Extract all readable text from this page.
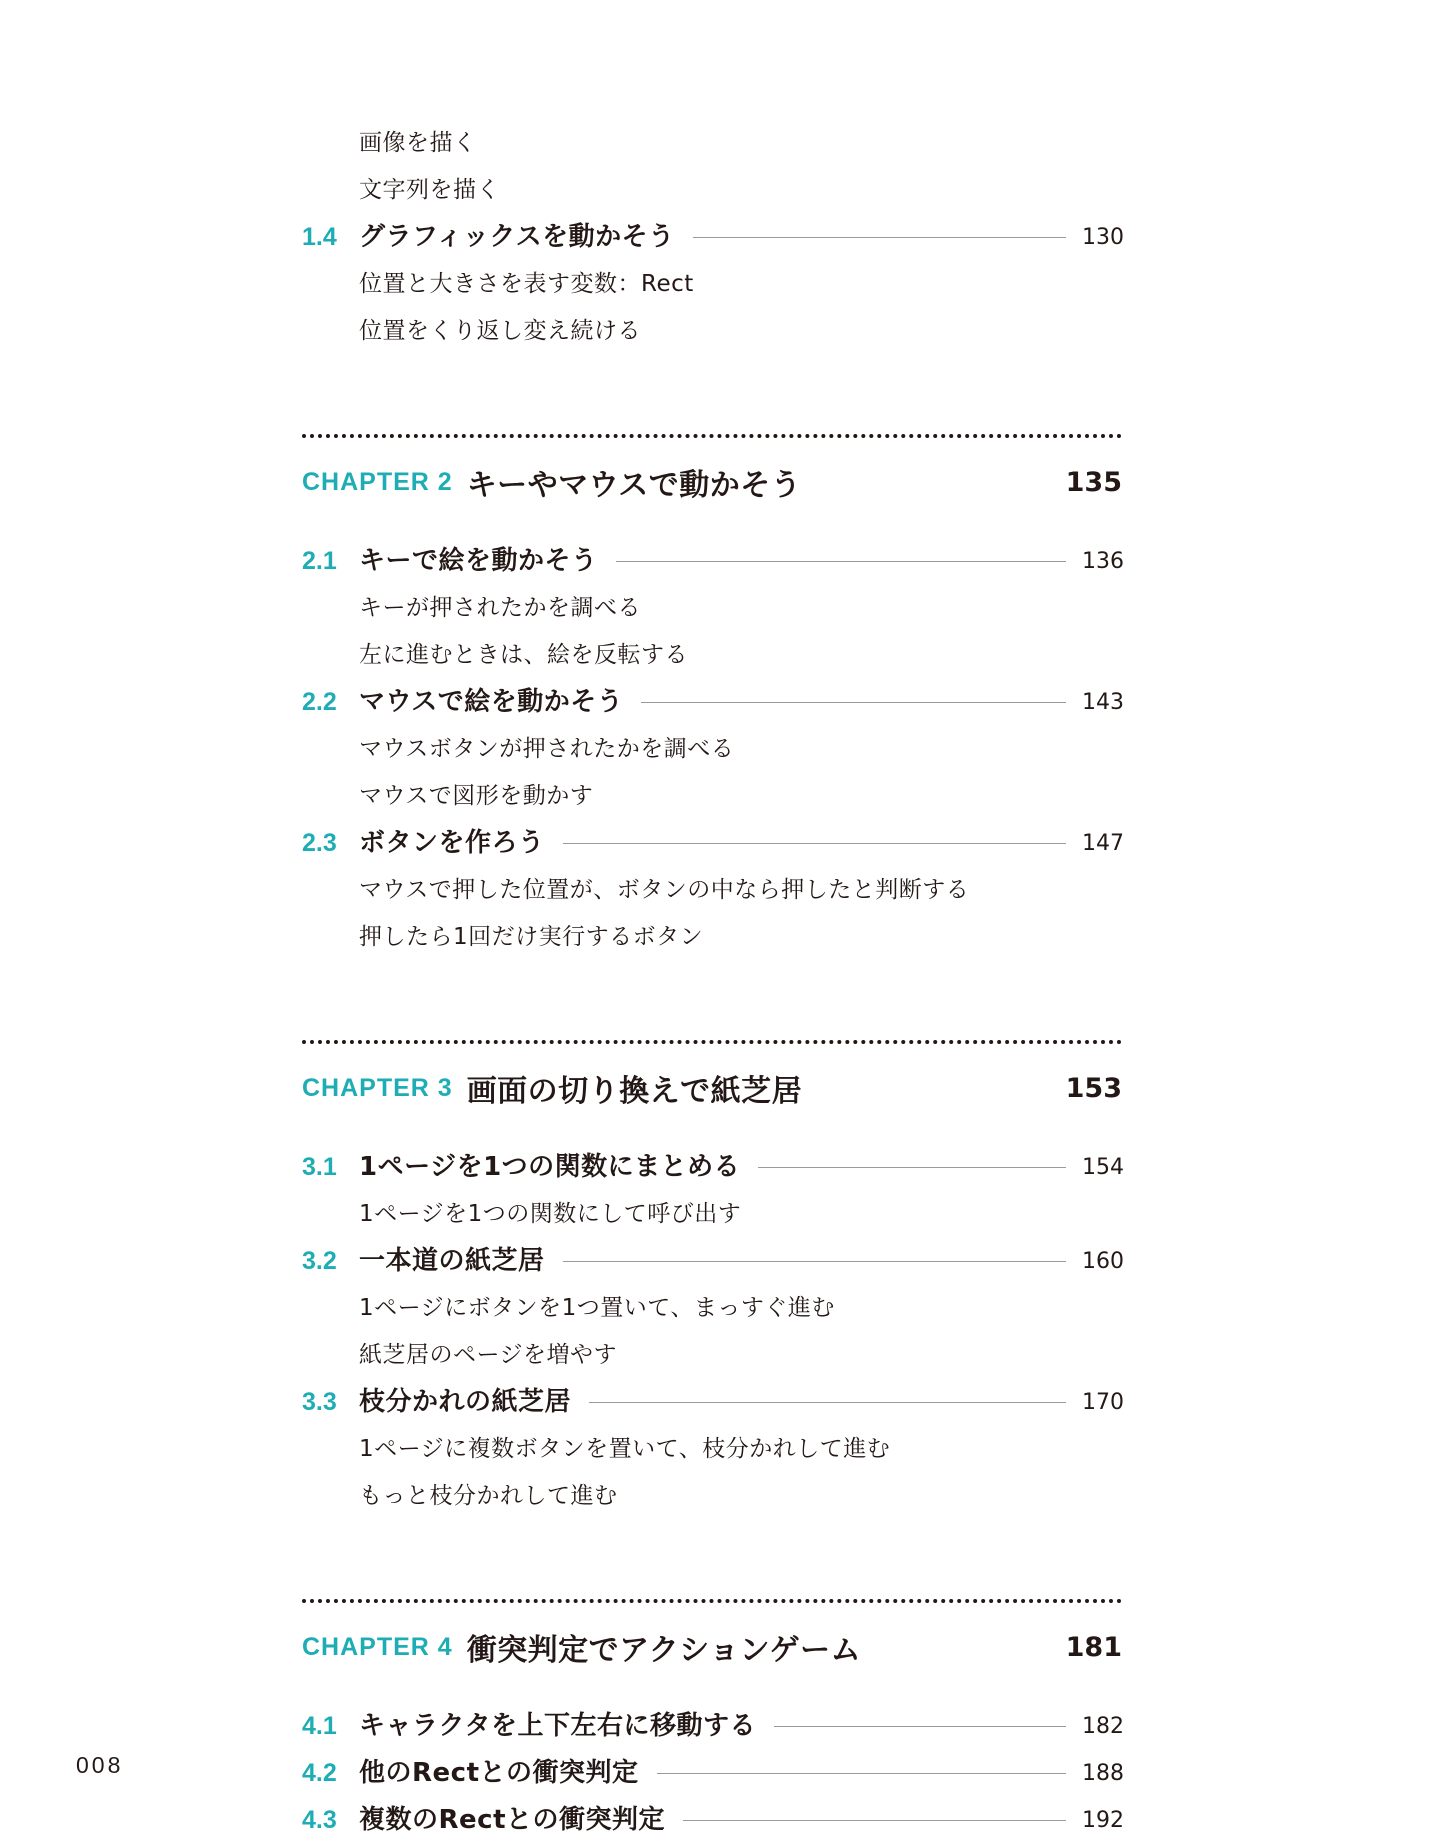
画像を描く
文字列を描く
1.4 グラフィックスを動かそう	130
位置と大きさを表す変数：Rect
位置をくり返し変え続ける
CHAPTER 2 キーやマウスで動かそう	135
2.1 キーで絵を動かそう	136
キーが押されたかを調べる
左に進むときは、絵を反転する
2.2 マウスで絵を動かそう	143
マウスボタンが押されたかを調べる
マウスで図形を動かす
2.3 ボタンを作ろう	147
マウスで押した位置が、ボタンの中なら押したと判断する
押したら1回だけ実行するボタン
CHAPTER 3 画面の切り換えで紙芝居	153
3.1 1ページを1つの関数にまとめる	154
1ページを1つの関数にして呼び出す
3.2 一本道の紙芝居	160
1ページにボタンを1つ置いて、まっすぐ進む
紙芝居のページを増やす
3.3 枝分かれの紙芝居	170
1ページに複数ボタンを置いて、枝分かれして進む
もっと枝分かれして進む
CHAPTER 4 衝突判定でアクションゲーム	181
4.1 キャラクタを上下左右に移動する	182
4.2 他のRectとの衝突判定	188
4.3 複数のRectとの衝突判定	192
008
